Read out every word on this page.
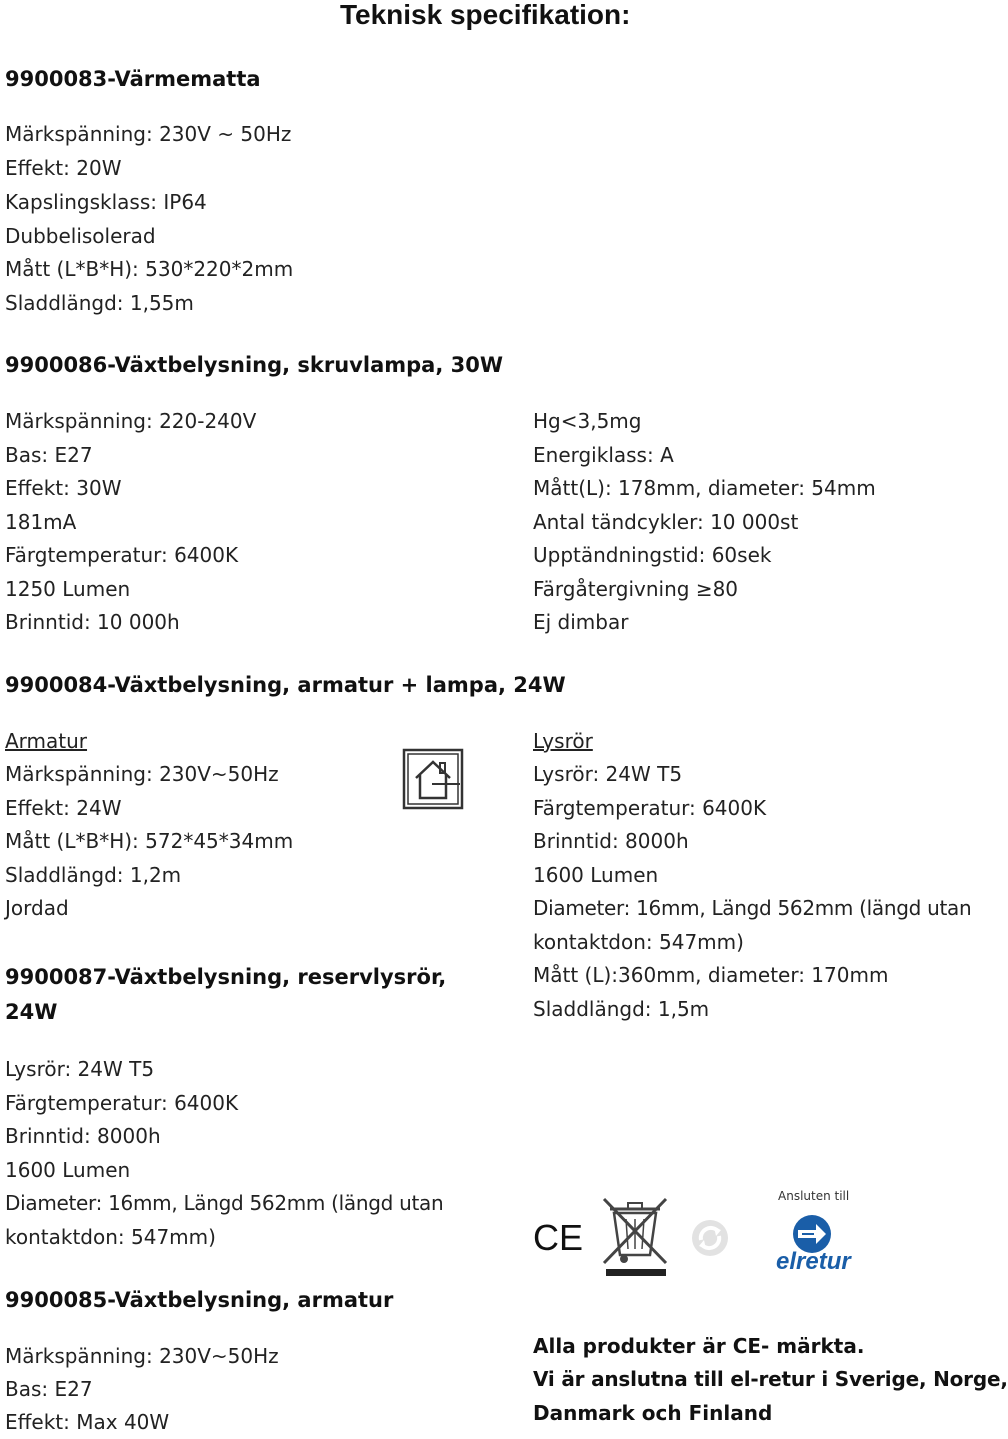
Teknisk specifikation:
9900083-Värmematta
Märkspänning: 230V ~ 50Hz
Effekt: 20W
Kapslingsklass: IP64
Dubbelisolerad
Mått (L*B*H): 530*220*2mm
Sladdlängd: 1,55m
9900086-Växtbelysning, skruvlampa, 30W
Märkspänning: 220-240V
Bas: E27
Effekt: 30W
181mA
Färgtemperatur: 6400K
1250 Lumen
Brinntid: 10 000h
Hg<3,5mg
Energiklass: A
Mått(L): 178mm, diameter: 54mm
Antal tändcykler: 10 000st
Upptändningstid: 60sek
Färgåtergivning ≥80
Ej dimbar
9900084-Växtbelysning, armatur + lampa, 24W
Armatur
Märkspänning: 230V~50Hz
Effekt: 24W
Mått (L*B*H): 572*45*34mm
Sladdlängd: 1,2m
Jordad
Lysrör
Lysrör: 24W T5
Färgtemperatur: 6400K
Brinntid: 8000h
1600 Lumen
Diameter: 16mm, Längd 562mm (längd utan
kontaktdon: 547mm)
Mått (L):360mm, diameter: 170mm
Sladdlängd: 1,5m
9900087-Växtbelysning, reservlysrör,
24W
Lysrör: 24W T5
Färgtemperatur: 6400K
Brinntid: 8000h
1600 Lumen
Diameter: 16mm, Längd 562mm (längd utan
kontaktdon: 547mm)
9900085-Växtbelysning, armatur
Märkspänning: 230V~50Hz
Bas: E27
Effekt: Max 40W
CE
Ansluten till
elretur
Alla produkter är CE- märkta.
Vi är anslutna till el-retur i Sverige, Norge,
Danmark och Finland
